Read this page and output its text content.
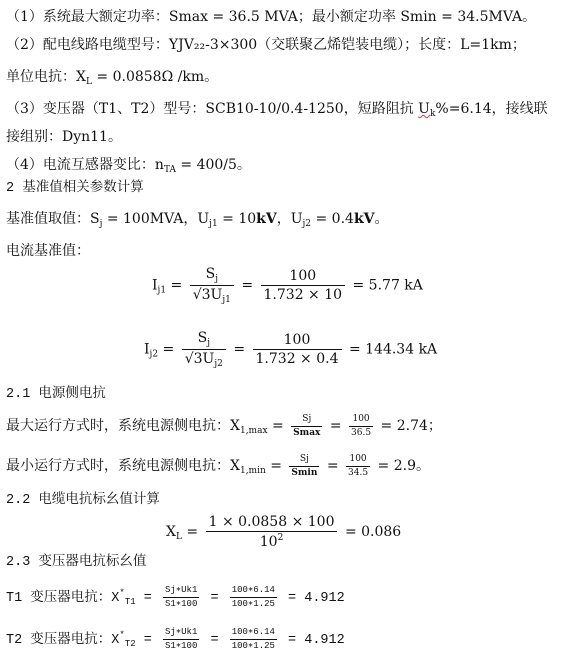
（1）系统最大额定功率：Smax = 36.5 MVA；最小额定功率 Smin = 34.5MVA。
（2）配电线路电缆型号：YJV₂₂-3×300（交联聚乙烯铠装电缆）；长度：L=1km；
单位电抗：$X_L = 0.0858\Omega$ /km。
（3）变压器（T1、T2）型号：SCB10-10/0.4-1250，短路阻抗 $U_k\%=6.14$，接线联
接组别：Dyn11。
（4）电流互感器变比：$n_{TA} = 400/5$。
2 基准值相关参数计算
基准值取值：$S_j = 100MVA$，$U_{j1} = 10kV$，$U_{j2} = 0.4kV$。
电流基准值：
$I_{j1} = \frac{S_j}{√3U_{j1}} = \frac{100}{1.732 \times 10} = 5.77$ kA
$I_{j2} = \frac{S_j}{√3U_{j2}} = \frac{100}{1.732 \times 0.4} = 144.34$ kA
2.1 电源侧电抗
最大运行方式时，系统电源侧电抗：$X_{1,max} = \frac{Sj}{Smax} = \frac{100}{36.5} = 2.74$；
最小运行方式时，系统电源侧电抗：$X_{1,min} = \frac{Sj}{Smin} = \frac{100}{34.5} = 2.9$。
2.2 电缆电抗标幺值计算
$X_L = \frac{1 \times 0.0858 \times 100}{10^2} = 0.086$
2.3 变压器电抗标幺值
T1 变压器电抗：$X^*_{T1} = \frac{Sj∗Uk1}{S1∗100} = \frac{100∗6.14}{100∗1.25} = 4.912$
T2 变压器电抗：$X^*_{T2} = \frac{Sj∗Uk1}{S1∗100} = \frac{100∗6.14}{100∗1.25} = 4.912$
